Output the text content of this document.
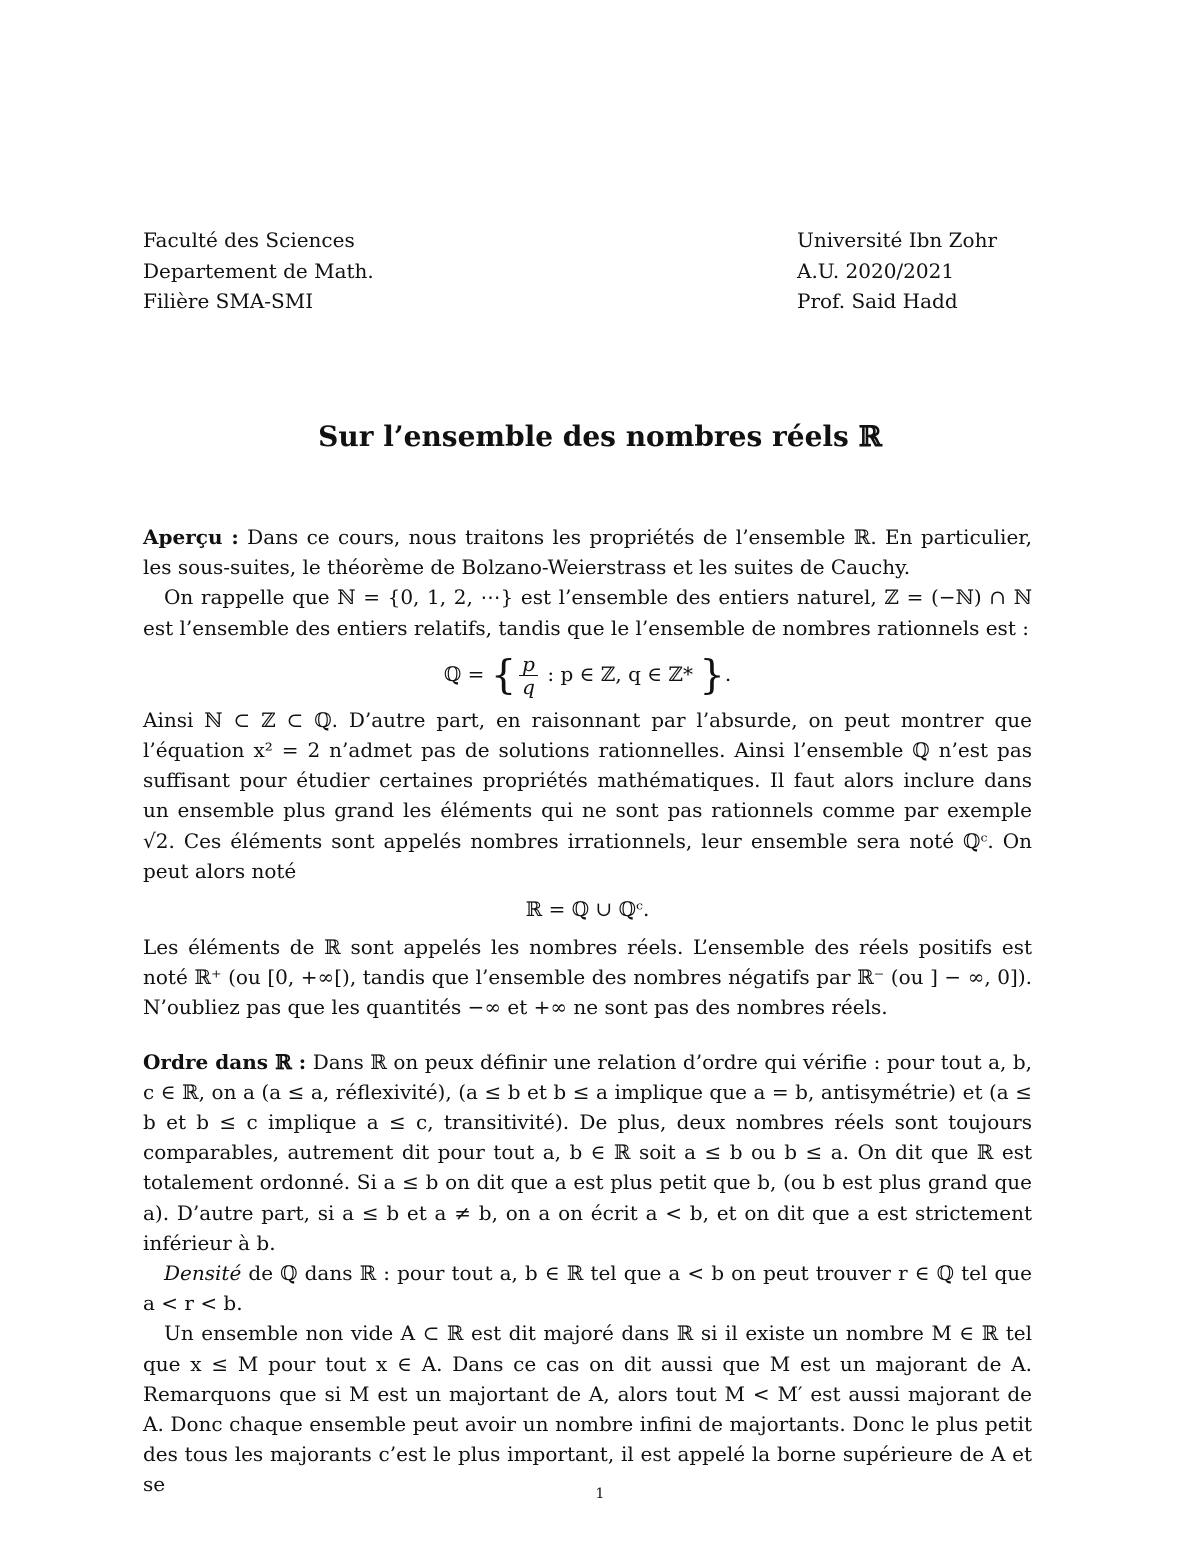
Faculté des Sciences
Departement de Math.
Filière SMA-SMI
Université Ibn Zohr
A.U. 2020/2021
Prof. Said Hadd
Sur l’ensemble des nombres réels ℝ

Aperçu : Dans ce cours, nous traitons les propriétés de l’ensemble ℝ. En particulier, les sous-suites, le théorème de Bolzano-Weierstrass et les suites de Cauchy.

On rappelle que ℕ = {0, 1, 2, ⋯} est l’ensemble des entiers naturel, ℤ = (−ℕ) ∩ ℕ est l’ensemble des entiers relatifs, tandis que le l’ensemble de nombres rationnels est :

ℚ = { $\frac{p}{q}$ : p ∈ ℤ, q ∈ ℤ* }.

Ainsi ℕ ⊂ ℤ ⊂ ℚ. D’autre part, en raisonnant par l’absurde, on peut montrer que l’équation x² = 2 n’admet pas de solutions rationnelles. Ainsi l’ensemble ℚ n’est pas suffisant pour étudier certaines propriétés mathématiques. Il faut alors inclure dans un ensemble plus grand les éléments qui ne sont pas rationnels comme par exemple √2. Ces éléments sont appelés nombres irrationnels, leur ensemble sera noté ℚᶜ. On peut alors noté

ℝ = ℚ ∪ ℚᶜ.

Les éléments de ℝ sont appelés les nombres réels. L’ensemble des réels positifs est noté ℝ⁺ (ou [0, +∞[), tandis que l’ensemble des nombres négatifs par ℝ⁻ (ou ] − ∞, 0]). N’oubliez pas que les quantités −∞ et +∞ ne sont pas des nombres réels.

Ordre dans ℝ : Dans ℝ on peux définir une relation d’ordre qui vérifie : pour tout a, b, c ∈ ℝ, on a (a ≤ a, réflexivité), (a ≤ b et b ≤ a implique que a = b, antisymétrie) et (a ≤ b et b ≤ c implique a ≤ c, transitivité). De plus, deux nombres réels sont toujours comparables, autrement dit pour tout a, b ∈ ℝ soit a ≤ b ou b ≤ a. On dit que ℝ est totalement ordonné. Si a ≤ b on dit que a est plus petit que b, (ou b est plus grand que a). D’autre part, si a ≤ b et a ≠ b, on a on écrit a < b, et on dit que a est strictement inférieur à b.

Densité de ℚ dans ℝ : pour tout a, b ∈ ℝ tel que a < b on peut trouver r ∈ ℚ tel que a < r < b.

Un ensemble non vide A ⊂ ℝ est dit majoré dans ℝ si il existe un nombre M ∈ ℝ tel que x ≤ M pour tout x ∈ A. Dans ce cas on dit aussi que M est un majorant de A. Remarquons que si M est un majortant de A, alors tout M < M′ est aussi majorant de A. Donc chaque ensemble peut avoir un nombre infini de majortants. Donc le plus petit des tous les majorants c’est le plus important, il est appelé la borne supérieure de A et se	1
